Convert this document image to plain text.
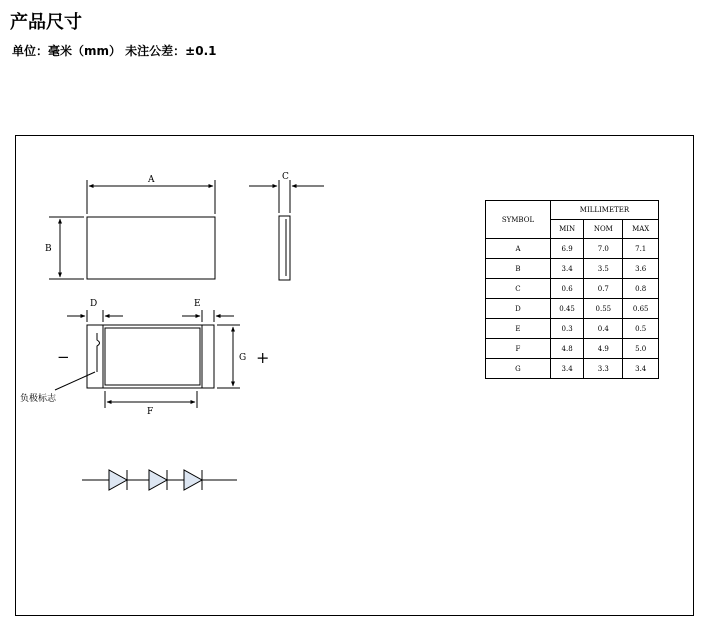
产品尺寸
单位：毫米（mm） 未注公差：±0.1
A
B
C
D	E
G
F
−	+
负极标志
SYMBOL	MILLIMETER		
	MIN	NOM	MAX
A	6.9	7.0	7.1
B	3.4	3.5	3.6
C	0.6	0.7	0.8
D	0.45	0.55	0.65
E	0.3	0.4	0.5
F	4.8	4.9	5.0
G	3.4	3.3	3.4
